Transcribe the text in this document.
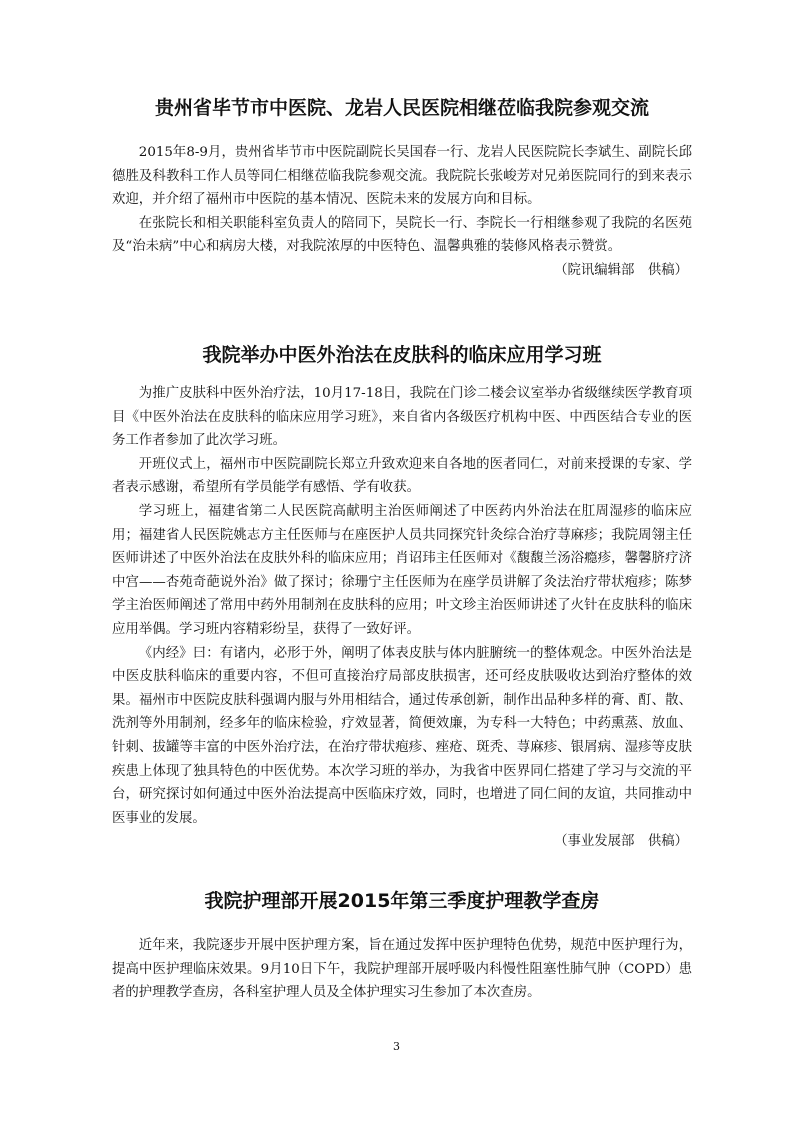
贵州省毕节市中医院、龙岩人民医院相继莅临我院参观交流

2015年8-9月，贵州省毕节市中医院副院长吴国春一行、龙岩人民医院院长李斌生、副院长邱德胜及科教科工作人员等同仁相继莅临我院参观交流。我院院长张峻芳对兄弟医院同行的到来表示欢迎，并介绍了福州市中医院的基本情况、医院未来的发展方向和目标。

在张院长和相关职能科室负责人的陪同下，吴院长一行、李院长一行相继参观了我院的名医苑及“治未病”中心和病房大楼，对我院浓厚的中医特色、温馨典雅的装修风格表示赞赏。

（院讯编辑部　供稿）

我院举办中医外治法在皮肤科的临床应用学习班

为推广皮肤科中医外治疗法，10月17-18日，我院在门诊二楼会议室举办省级继续医学教育项目《中医外治法在皮肤科的临床应用学习班》，来自省内各级医疗机构中医、中西医结合专业的医务工作者参加了此次学习班。

开班仪式上，福州市中医院副院长郑立升致欢迎来自各地的医者同仁，对前来授课的专家、学者表示感谢，希望所有学员能学有感悟、学有收获。

学习班上，福建省第二人民医院高献明主治医师阐述了中医药内外治法在肛周湿疹的临床应用；福建省人民医院姚志方主任医师与在座医护人员共同探究针灸综合治疗荨麻疹；我院周翎主任医师讲述了中医外治法在皮肤外科的临床应用；肖诏玮主任医师对《馥馥兰汤浴瘾疹，馨馨脐疗济中宫——杏苑奇葩说外治》做了探讨；徐珊宁主任医师为在座学员讲解了灸法治疗带状疱疹；陈梦学主治医师阐述了常用中药外用制剂在皮肤科的应用；叶文珍主治医师讲述了火针在皮肤科的临床应用举偶。学习班内容精彩纷呈，获得了一致好评。

《内经》曰：有诸内，必形于外，阐明了体表皮肤与体内脏腑统一的整体观念。中医外治法是中医皮肤科临床的重要内容，不但可直接治疗局部皮肤损害，还可经皮肤吸收达到治疗整体的效果。福州市中医院皮肤科强调内服与外用相结合，通过传承创新，制作出品种多样的膏、酊、散、洗剂等外用制剂，经多年的临床检验，疗效显著，简便效廉，为专科一大特色；中药熏蒸、放血、针刺、拔罐等丰富的中医外治疗法，在治疗带状疱疹、痤疮、斑秃、荨麻疹、银屑病、湿疹等皮肤疾患上体现了独具特色的中医优势。本次学习班的举办，为我省中医界同仁搭建了学习与交流的平台，研究探讨如何通过中医外治法提高中医临床疗效，同时，也增进了同仁间的友谊，共同推动中医事业的发展。

（事业发展部　供稿）

我院护理部开展2015年第三季度护理教学查房

近年来，我院逐步开展中医护理方案，旨在通过发挥中医护理特色优势，规范中医护理行为，提高中医护理临床效果。9月10日下午，我院护理部开展呼吸内科慢性阻塞性肺气肿（COPD）患者的护理教学查房，各科室护理人员及全体护理实习生参加了本次查房。

3
